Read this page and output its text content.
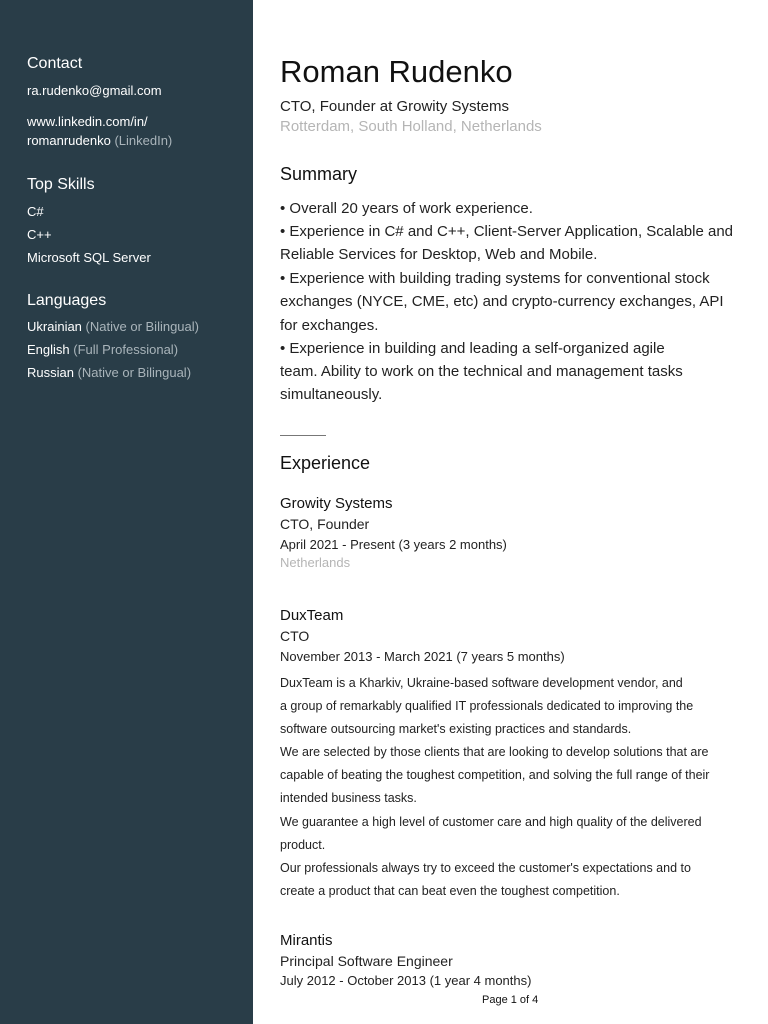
Contact
ra.rudenko@gmail.com
www.linkedin.com/in/
romanrudenko (LinkedIn)
Top Skills
C#
C++
Microsoft SQL Server
Languages
Ukrainian (Native or Bilingual)
English (Full Professional)
Russian (Native or Bilingual)
Roman Rudenko
CTO, Founder at Growity Systems
Rotterdam, South Holland, Netherlands
Summary
• Overall 20 years of work experience.
• Experience in C# and C++, Client-Server Application, Scalable and
Reliable Services for Desktop, Web and Mobile.
• Experience with building trading systems for conventional stock
exchanges (NYCE, CME, etc) and crypto-currency exchanges, API
for exchanges.
• Experience in building and leading a self-organized agile
team. Ability to work on the technical and management tasks
simultaneously.
Experience
Growity Systems
CTO, Founder
April 2021 - Present (3 years 2 months)
Netherlands
DuxTeam
CTO
November 2013 - March 2021 (7 years 5 months)
DuxTeam is a Kharkiv, Ukraine-based software development vendor, and
a group of remarkably qualified IT professionals dedicated to improving the
software outsourcing market's existing practices and standards.
We are selected by those clients that are looking to develop solutions that are
capable of beating the toughest competition, and solving the full range of their
intended business tasks.
We guarantee a high level of customer care and high quality of the delivered
product.
Our professionals always try to exceed the customer's expectations and to
create a product that can beat even the toughest competition.
Mirantis
Principal Software Engineer
July 2012 - October 2013 (1 year 4 months)
Page 1 of 4
